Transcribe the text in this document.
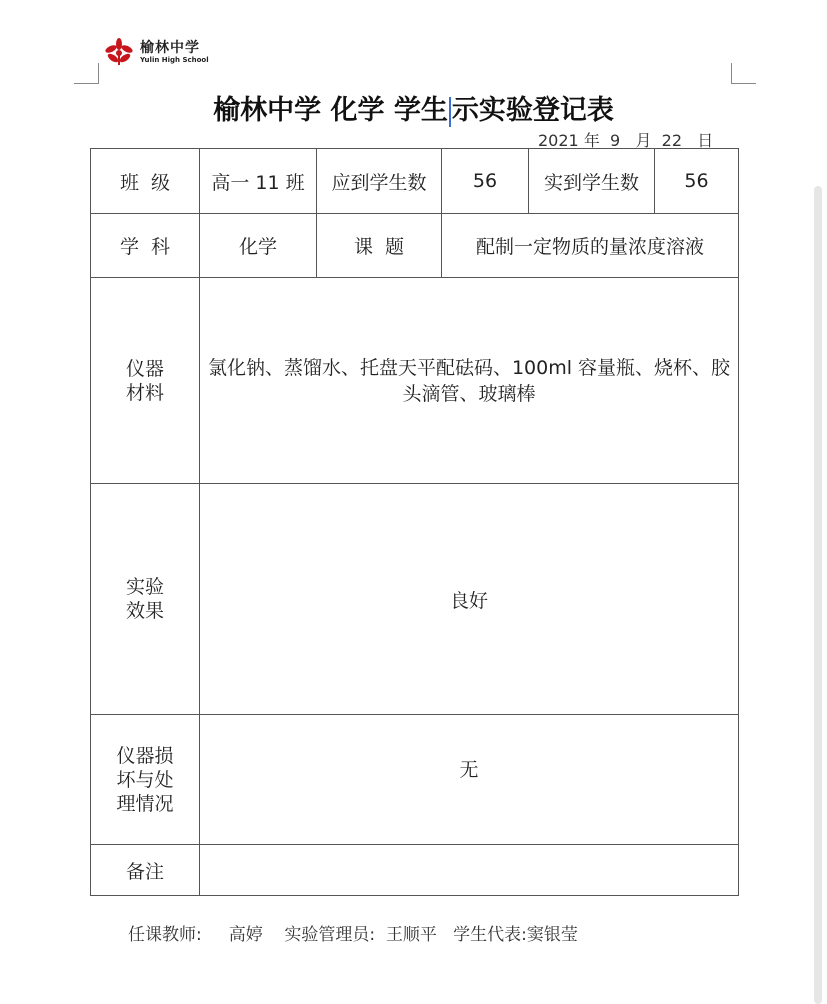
榆林中学
Yulin High School
榆林中学 化学 学生 示实验登记表
2021 年 9 月 22 日
班  级	高一 11 班	应到学生数	56	实到学生数	56
学  科	化学	课  题	配制一定物质的量浓度溶液		

仪器
材料	氯化钠、蒸馏水、托盘天平配砝码、100ml 容量瓶、烧杯、胶头滴管、玻璃棒				

实验
效果	良好				

仪器损
坏与处
理情况	无				
备注					
任课教师: 高婷 实验管理员: 王顺平 学生代表:窦银莹
